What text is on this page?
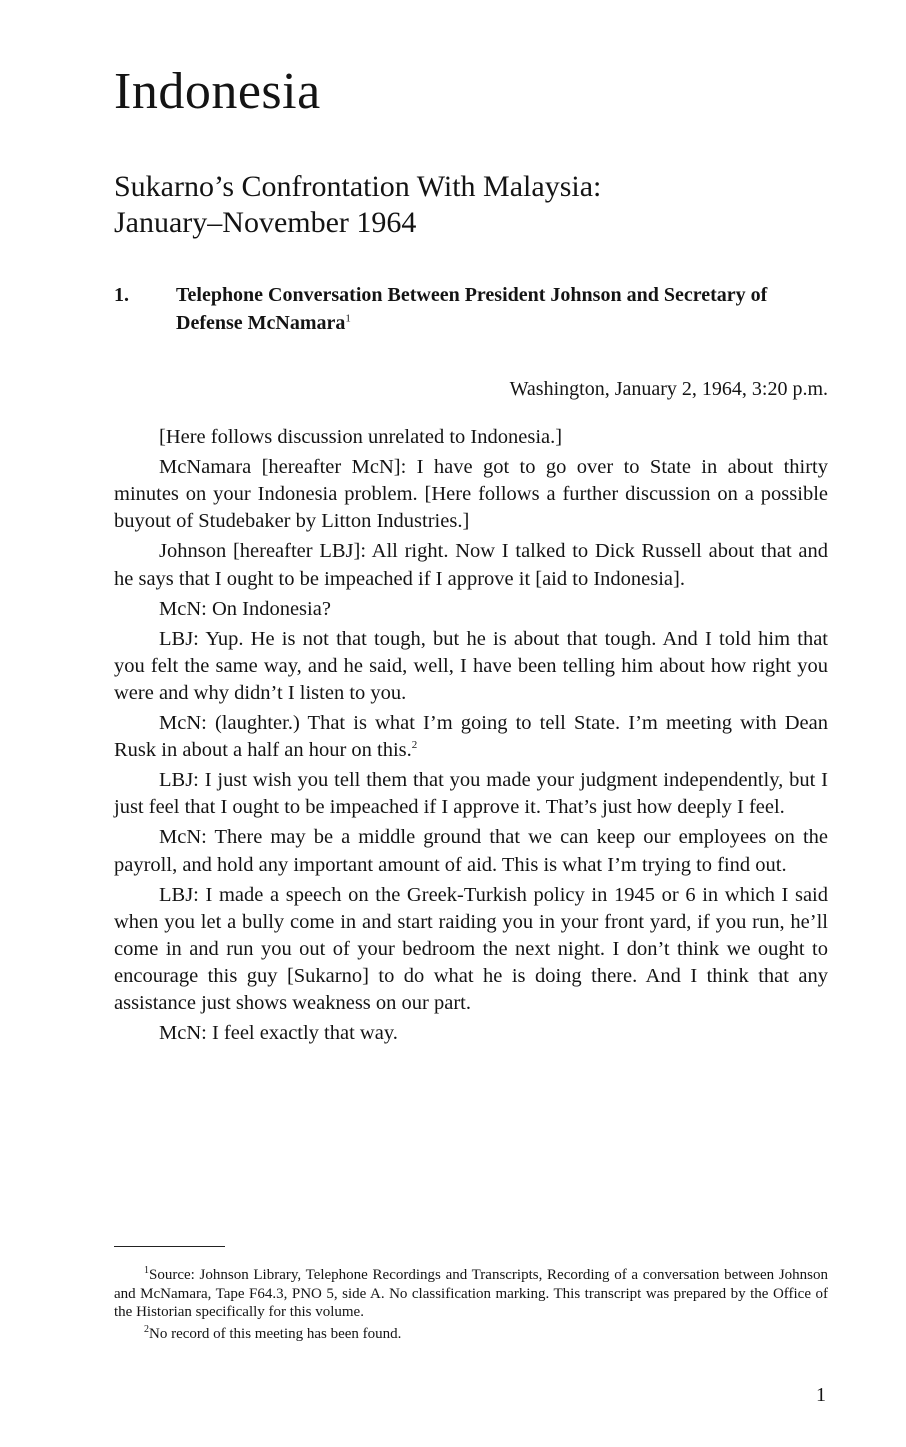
Indonesia
Sukarno’s Confrontation With Malaysia:
January–November 1964
1. Telephone Conversation Between President Johnson and Secretary of Defense McNamara$^1$
Washington, January 2, 1964, 3:20 p.m.

[Here follows discussion unrelated to Indonesia.]

McNamara [hereafter McN]: I have got to go over to State in about thirty minutes on your Indonesia problem. [Here follows a further discussion on a possible buyout of Studebaker by Litton Industries.]

Johnson [hereafter LBJ]: All right. Now I talked to Dick Russell about that and he says that I ought to be impeached if I approve it [aid to Indonesia].

McN: On Indonesia?

LBJ: Yup. He is not that tough, but he is about that tough. And I told him that you felt the same way, and he said, well, I have been telling him about how right you were and why didn’t I listen to you.

McN: (laughter.) That is what I’m going to tell State. I’m meeting with Dean Rusk in about a half an hour on this.$^2$

LBJ: I just wish you tell them that you made your judgment independently, but I just feel that I ought to be impeached if I approve it. That’s just how deeply I feel.

McN: There may be a middle ground that we can keep our employees on the payroll, and hold any important amount of aid. This is what I’m trying to find out.

LBJ: I made a speech on the Greek-Turkish policy in 1945 or 6 in which I said when you let a bully come in and start raiding you in your front yard, if you run, he’ll come in and run you out of your bedroom the next night. I don’t think we ought to encourage this guy [Sukarno] to do what he is doing there. And I think that any assistance just shows weakness on our part.

McN: I feel exactly that way.

$^1$Source: Johnson Library, Telephone Recordings and Transcripts, Recording of a conversation between Johnson and McNamara, Tape F64.3, PNO 5, side A. No classification marking. This transcript was prepared by the Office of the Historian specifically for this volume.

$^2$No record of this meeting has been found.

1
